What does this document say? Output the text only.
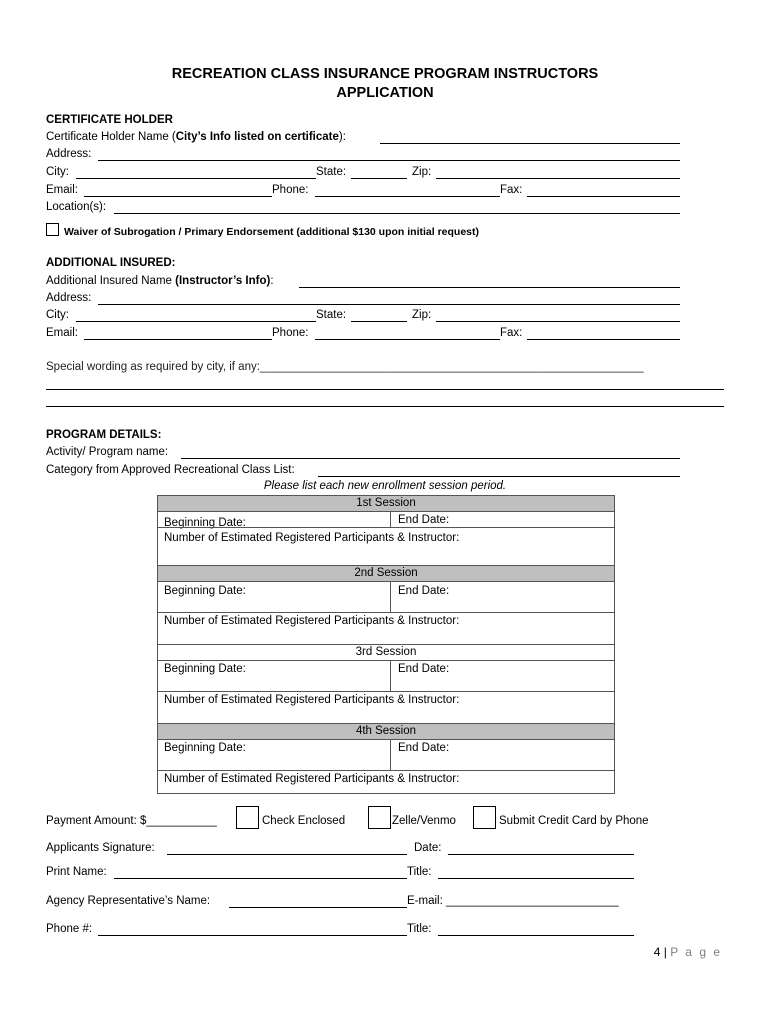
RECREATION CLASS INSURANCE PROGRAM INSTRUCTORS
APPLICATION
CERTIFICATE HOLDER
Certificate Holder Name (City’s Info listed on certificate):
Address:
City:	State:	Zip:
Email:	Phone:	Fax:
Location(s):
Waiver of Subrogation / Primary Endorsement (additional $130 upon initial request)
ADDITIONAL INSURED:
Additional Insured Name (Instructor’s Info):
Address:
City:	State:	Zip:
Email:	Phone:	Fax:
Special wording as required by city, if any:____________________________________________________________
PROGRAM DETAILS:
Activity/ Program name:
Category from Approved Recreational Class List:
Please list each new enrollment session period.
1st Session
Beginning Date:	End Date:
Number of Estimated Registered Participants & Instructor:
2nd Session
Beginning Date:	End Date:
Number of Estimated Registered Participants & Instructor:
3rd Session
Beginning Date:	End Date:
Number of Estimated Registered Participants & Instructor:
4th Session
Beginning Date:	End Date:
Number of Estimated Registered Participants & Instructor:
Payment Amount: $___________	Check Enclosed	Zelle/Venmo	Submit Credit Card by Phone
Applicants Signature:	Date:
Print Name:	Title:
Agency Representative’s Name:	E-mail: ___________________________
Phone #:	Title:
4 | P a g e
